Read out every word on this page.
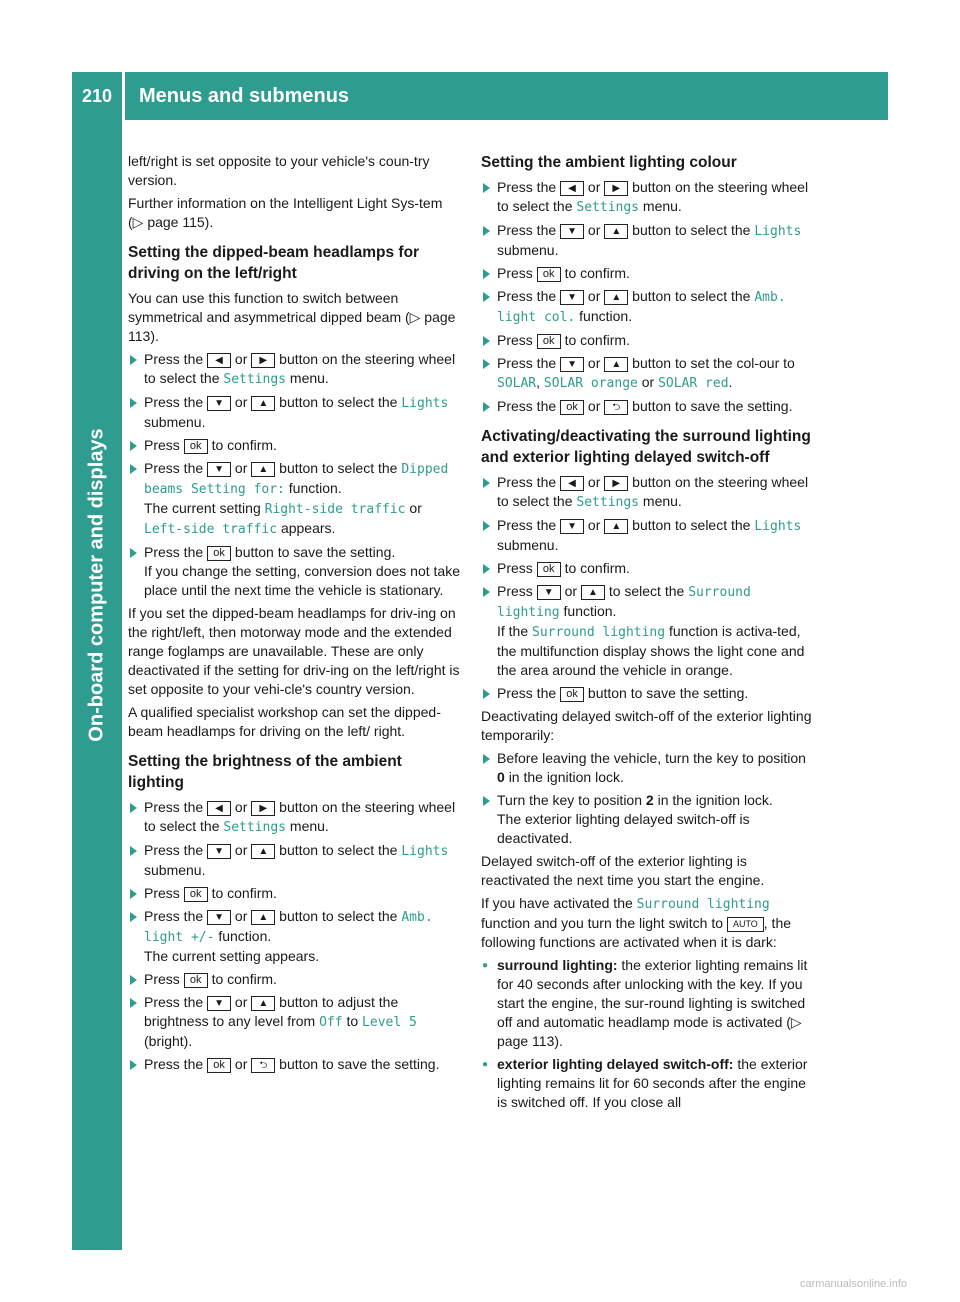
210	Menus and submenus
On-board computer and displays

left/right is set opposite to your vehicle's coun-try version.

Further information on the Intelligent Light Sys-tem (▷ page 115).

Setting the dipped-beam headlamps for driving on the left/right

You can use this function to switch between symmetrical and asymmetrical dipped beam (▷ page 113).

Press the ◀ or ▶ button on the steering wheel to select the Settings menu.
Press the ▼ or ▲ button to select the Lights submenu.
Press ok to confirm.
Press the ▼ or ▲ button to select the Dipped beams Setting for: function.
The current setting Right-side traffic or Left-side traffic appears.
Press the ok button to save the setting.
If you change the setting, conversion does not take place until the next time the vehicle is stationary.

If you set the dipped-beam headlamps for driv-ing on the right/left, then motorway mode and the extended range foglamps are unavailable. These are only deactivated if the setting for driv-ing on the left/right is set opposite to your vehi-cle's country version.

A qualified specialist workshop can set the dipped-beam headlamps for driving on the left/ right.

Setting the brightness of the ambient lighting
Press the ◀ or ▶ button on the steering wheel to select the Settings menu.
Press the ▼ or ▲ button to select the Lights submenu.
Press ok to confirm.
Press the ▼ or ▲ button to select the Amb. light +/- function.
The current setting appears.
Press ok to confirm.
Press the ▼ or ▲ button to adjust the brightness to any level from Off to Level 5 (bright).
Press the ok or ⮌ button to save the setting.
Setting the ambient lighting colour
Press the ◀ or ▶ button on the steering wheel to select the Settings menu.
Press the ▼ or ▲ button to select the Lights submenu.
Press ok to confirm.
Press the ▼ or ▲ button to select the Amb. light col. function.
Press ok to confirm.
Press the ▼ or ▲ button to set the col-our to SOLAR, SOLAR orange or SOLAR red.
Press the ok or ⮌ button to save the setting.
Activating/deactivating the surround lighting and exterior lighting delayed switch-off
Press the ◀ or ▶ button on the steering wheel to select the Settings menu.
Press the ▼ or ▲ button to select the Lights submenu.
Press ok to confirm.
Press ▼ or ▲ to select the Surround lighting function.
If the Surround lighting function is activa-ted, the multifunction display shows the light cone and the area around the vehicle in orange.
Press the ok button to save the setting.

Deactivating delayed switch-off of the exterior lighting temporarily:

Before leaving the vehicle, turn the key to position 0 in the ignition lock.
Turn the key to position 2 in the ignition lock.
The exterior lighting delayed switch-off is deactivated.

Delayed switch-off of the exterior lighting is reactivated the next time you start the engine.

If you have activated the Surround lighting function and you turn the light switch to AUTO , the following functions are activated when it is dark:

● surround lighting: the exterior lighting remains lit for 40 seconds after unlocking with the key. If you start the engine, the sur-round lighting is switched off and automatic headlamp mode is activated (▷ page 113).
● exterior lighting delayed switch-off: the exterior lighting remains lit for 60 seconds after the engine is switched off. If you close all
carmanualsonline.info
